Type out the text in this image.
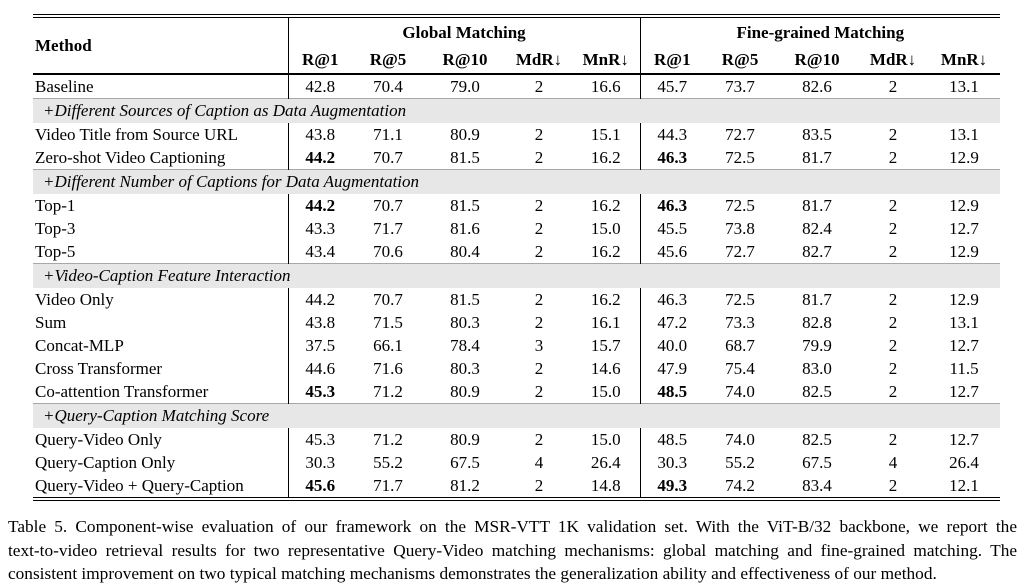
Method	Global Matching					Fine-grained Matching				
	R@1	R@5	R@10	MdR↓	MnR↓	R@1	R@5	R@10	MdR↓	MnR↓
Baseline	42.8	70.4	79.0	2	16.6	45.7	73.7	82.6	2	13.1
+Different Sources of Caption as Data Augmentation										
Video Title from Source URL	43.8	71.1	80.9	2	15.1	44.3	72.7	83.5	2	13.1
Zero-shot Video Captioning	44.2	70.7	81.5	2	16.2	46.3	72.5	81.7	2	12.9
+Different Number of Captions for Data Augmentation										
Top-1	44.2	70.7	81.5	2	16.2	46.3	72.5	81.7	2	12.9
Top-3	43.3	71.7	81.6	2	15.0	45.5	73.8	82.4	2	12.7
Top-5	43.4	70.6	80.4	2	16.2	45.6	72.7	82.7	2	12.9
+Video-Caption Feature Interaction										
Video Only	44.2	70.7	81.5	2	16.2	46.3	72.5	81.7	2	12.9
Sum	43.8	71.5	80.3	2	16.1	47.2	73.3	82.8	2	13.1
Concat-MLP	37.5	66.1	78.4	3	15.7	40.0	68.7	79.9	2	12.7
Cross Transformer	44.6	71.6	80.3	2	14.6	47.9	75.4	83.0	2	11.5
Co-attention Transformer	45.3	71.2	80.9	2	15.0	48.5	74.0	82.5	2	12.7
+Query-Caption Matching Score										
Query-Video Only	45.3	71.2	80.9	2	15.0	48.5	74.0	82.5	2	12.7
Query-Caption Only	30.3	55.2	67.5	4	26.4	30.3	55.2	67.5	4	26.4
Query-Video + Query-Caption	45.6	71.7	81.2	2	14.8	49.3	74.2	83.4	2	12.1
Table 5. Component-wise evaluation of our framework on the MSR-VTT 1K validation set. With the ViT-B/32 backbone, we report the
text-to-video retrieval results for two representative Query-Video matching mechanisms: global matching and fine-grained matching. The
consistent improvement on two typical matching mechanisms demonstrates the generalization ability and effectiveness of our method.
